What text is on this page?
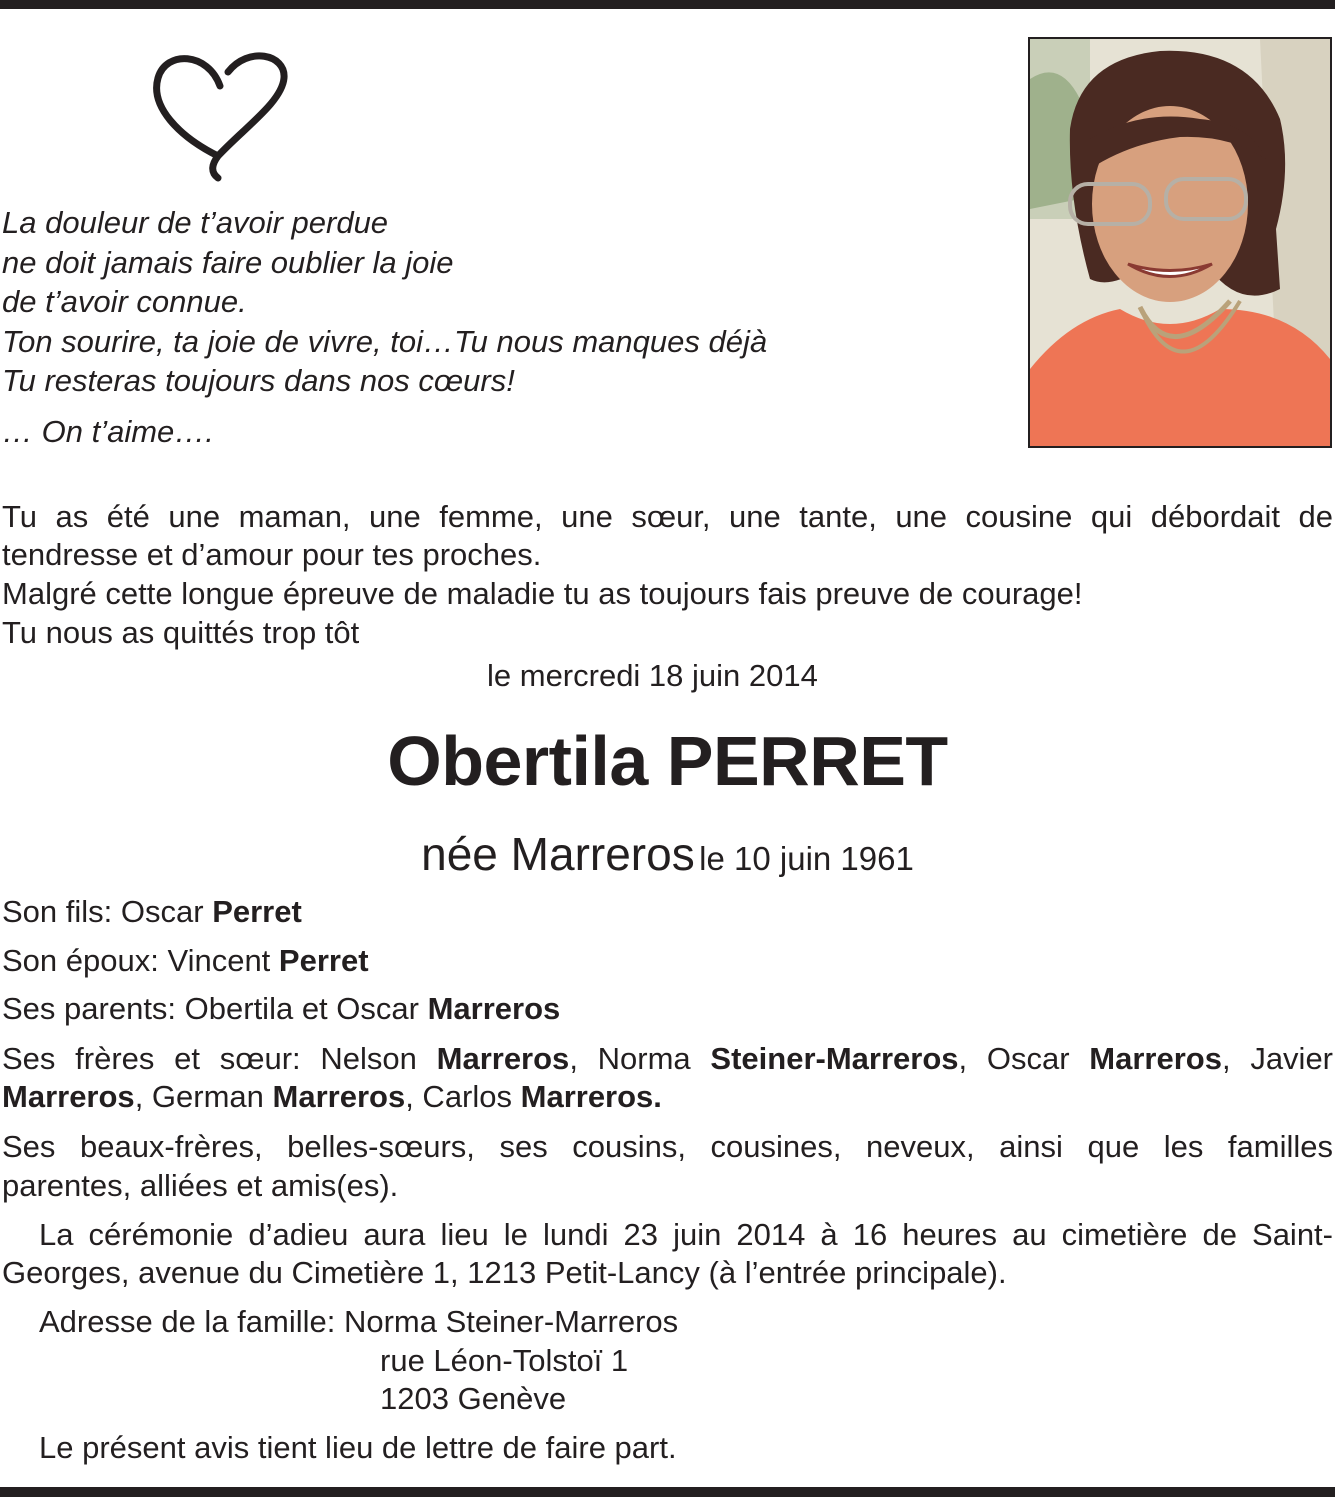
La douleur de t’avoir perdue
ne doit jamais faire oublier la joie
de t’avoir connue.
Ton sourire, ta joie de vivre, toi…Tu nous manques déjà
Tu resteras toujours dans nos cœurs!
… On t’aime….
Tu as été une maman, une femme, une sœur, une tante, une cousine qui débordait de
tendresse et d’amour pour tes proches.
Malgré cette longue épreuve de maladie tu as toujours fais preuve de courage!
Tu nous as quittés trop tôt
le mercredi 18 juin 2014
Obertila PERRET
née Marreros le 10 juin 1961
Son fils: Oscar Perret
Son époux: Vincent Perret
Ses parents: Obertila et Oscar Marreros
Ses frères et sœur: Nelson Marreros, Norma Steiner-Marreros, Oscar Marreros, Javier
Marreros, German Marreros, Carlos Marreros.
Ses beaux-frères, belles-sœurs, ses cousins, cousines, neveux, ainsi que les familles
parentes, alliées et amis(es).
La cérémonie d’adieu aura lieu le lundi 23 juin 2014 à 16 heures au cimetière de Saint-
Georges, avenue du Cimetière 1, 1213 Petit-Lancy (à l’entrée principale).
Adresse de la famille: Norma Steiner-Marreros
rue Léon-Tolstoï 1
1203 Genève
Le présent avis tient lieu de lettre de faire part.
